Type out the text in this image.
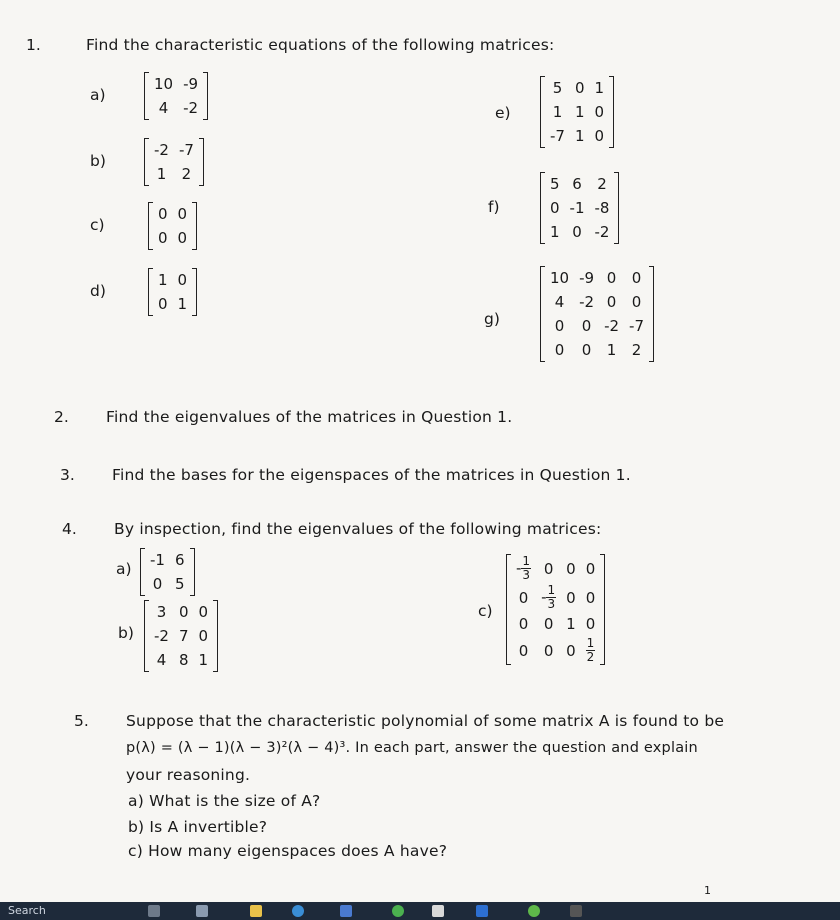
1.	Find the characteristic equations of the following matrices:
a)
10	-9
4	-2
b)
-2	-7
1	2
c)
0	0
0	0
d)
1	0
0	1
e)
5	0	1
1	1	0
-7	1	0
f)
5	6	2
0	-1	-8
1	0	-2
g)
10	-9	0	0
4	-2	0	0
0	0	-2	-7
0	0	1	2
2. Find the eigenvalues of the matrices in Question 1.
3. Find the bases for the eigenspaces of the matrices in Question 1.
4. By inspection, find the eigenvalues of the following matrices:
a) -1	6
0	5
b)
3	0	0
-2	7	0
4	8	1
c)
- $\frac{1}{3}$	0	0	0
0	- $\frac{1}{3}$	0	0
0	0	1	0
0	0	0	$\frac{1}{2}$
5. Suppose that the characteristic polynomial of some matrix A is found to be
p(λ) = (λ − 1)(λ − 3)²(λ − 4)³. In each part, answer the question and explain
your reasoning.
a) What is the size of A?
b) Is A invertible?
c) How many eigenspaces does A have?
1
Search
